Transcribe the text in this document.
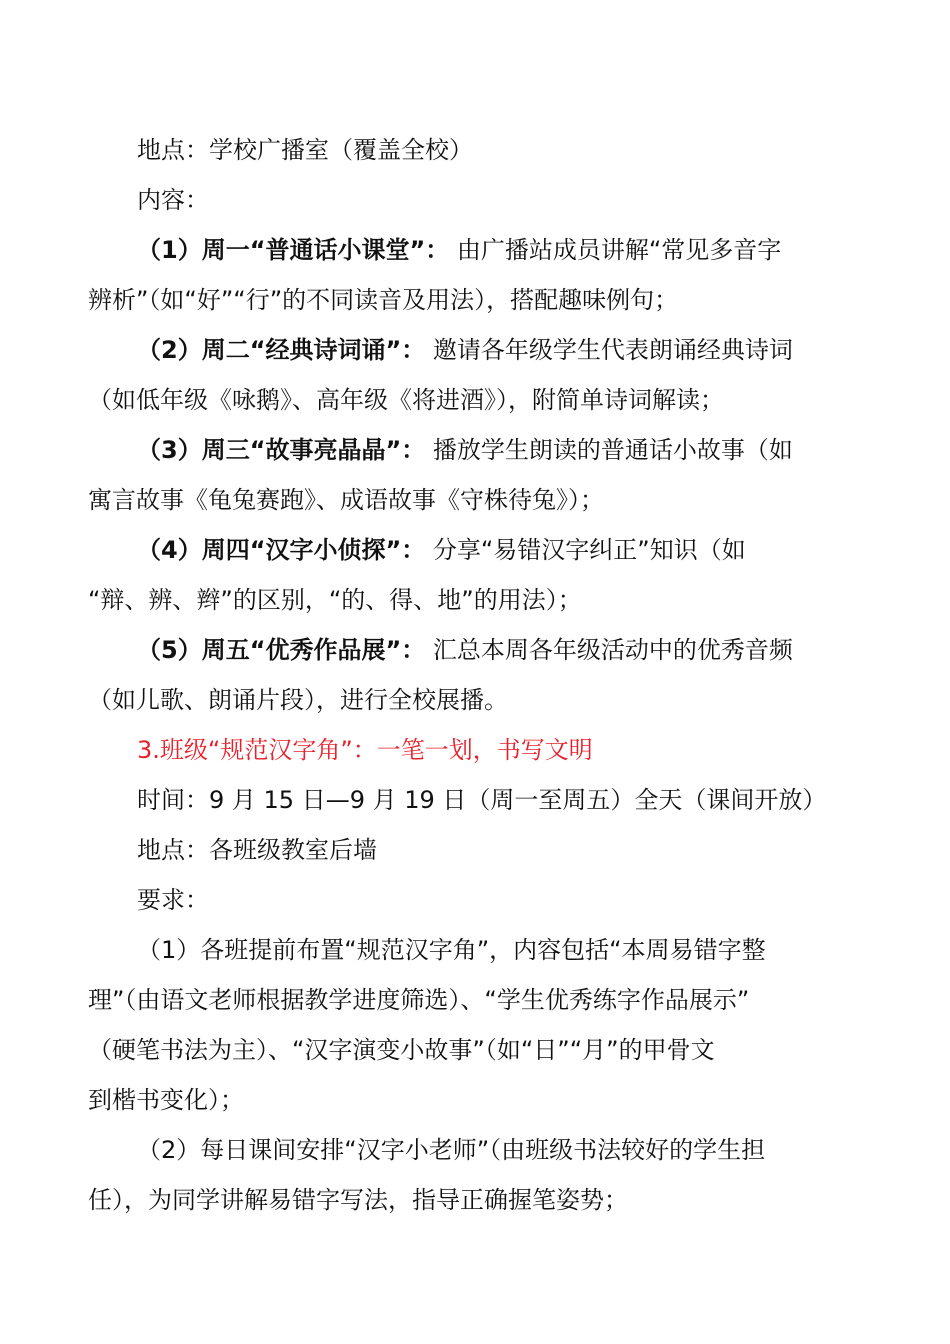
地点：学校广播室（覆盖全校）
内容：
（1）周一“普通话小课堂”： 由广播站成员讲解“常见多音字
辨析”（如“好”“行”的不同读音及用法），搭配趣味例句；
（2）周二“经典诗词诵”： 邀请各年级学生代表朗诵经典诗词
（如低年级《咏鹅》、高年级《将进酒》），附简单诗词解读；
（3）周三“故事亮晶晶”： 播放学生朗读的普通话小故事（如
寓言故事《龟兔赛跑》、成语故事《守株待兔》）；
（4）周四“汉字小侦探”： 分享“易错汉字纠正”知识（如
“辩、辨、辫”的区别，“的、得、地”的用法）；
（5）周五“优秀作品展”： 汇总本周各年级活动中的优秀音频
（如儿歌、朗诵片段），进行全校展播。
3.班级“规范汉字角”：一笔一划，书写文明
时间：9 月 15 日—9 月 19 日（周一至周五）全天（课间开放）
地点：各班级教室后墙
要求：
（1）各班提前布置“规范汉字角”，内容包括“本周易错字整
理”（由语文老师根据教学进度筛选）、“学生优秀练字作品展示”
（硬笔书法为主）、“汉字演变小故事”（如“日”“月”的甲骨文
到楷书变化）；
（2）每日课间安排“汉字小老师”（由班级书法较好的学生担
任），为同学讲解易错字写法，指导正确握笔姿势；
